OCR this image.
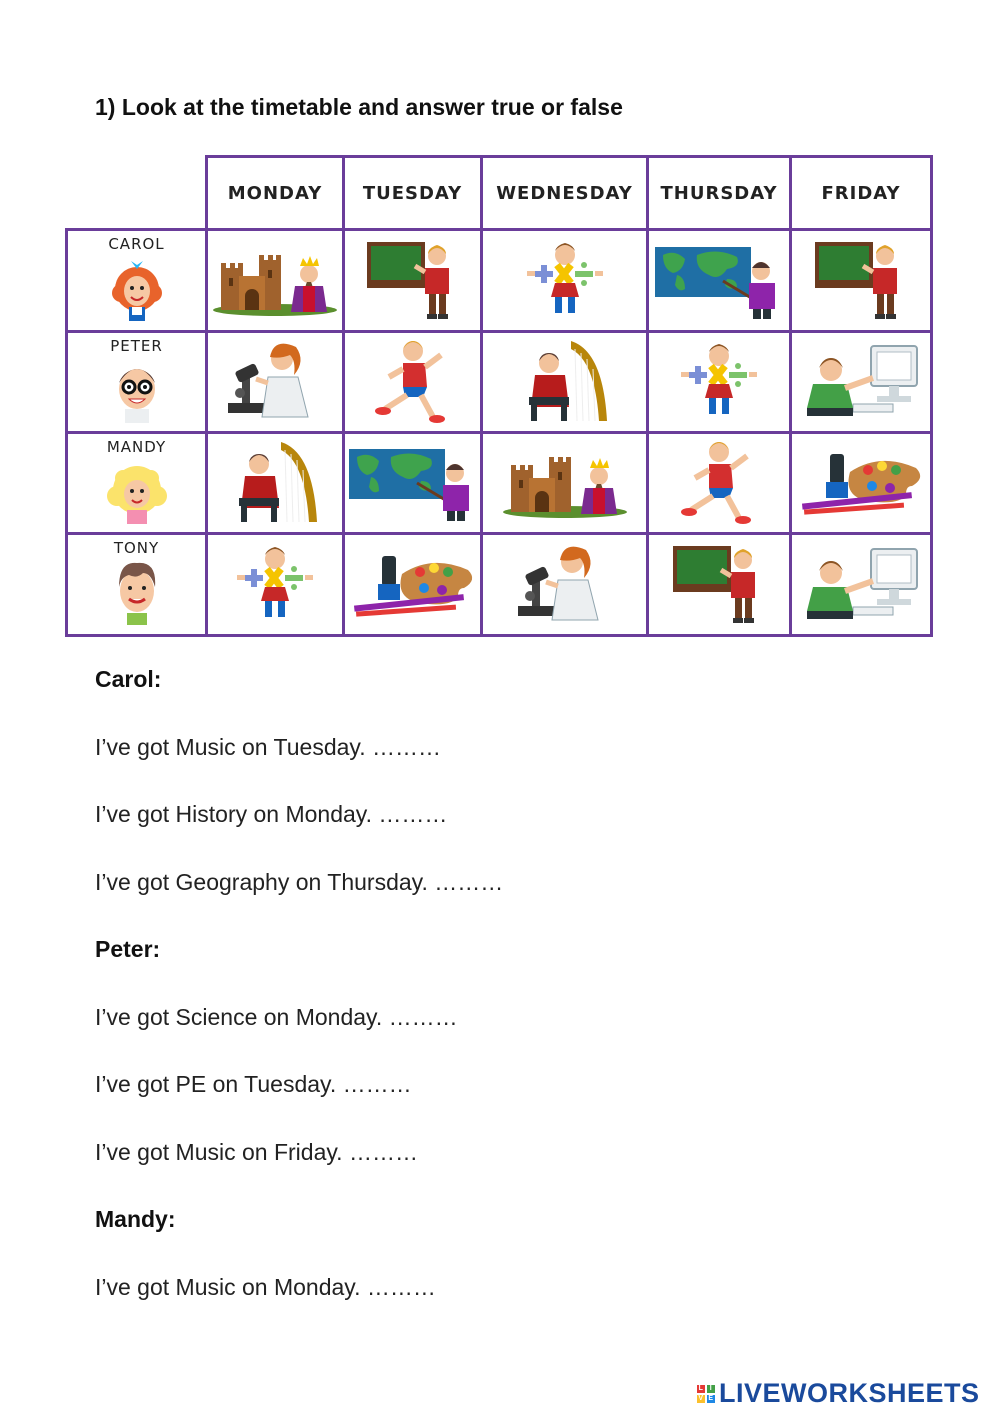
1) Look at the timetable and answer true or false
MONDAY TUESDAY WEDNESDAY THURSDAY FRIDAY
CAROL
PETER
MANDY
TONY

Carol:

I’ve got Music on Tuesday. ………

I’ve got History on Monday. ………

I’ve got Geography on Thursday. ………

Peter:

I’ve got Science on Monday. ………

I’ve got PE on Tuesday. ………

I’ve got Music on Friday. ………

Mandy:

I’ve got Music on Monday. ………

L I
V E LIVEWORKSHEETS
